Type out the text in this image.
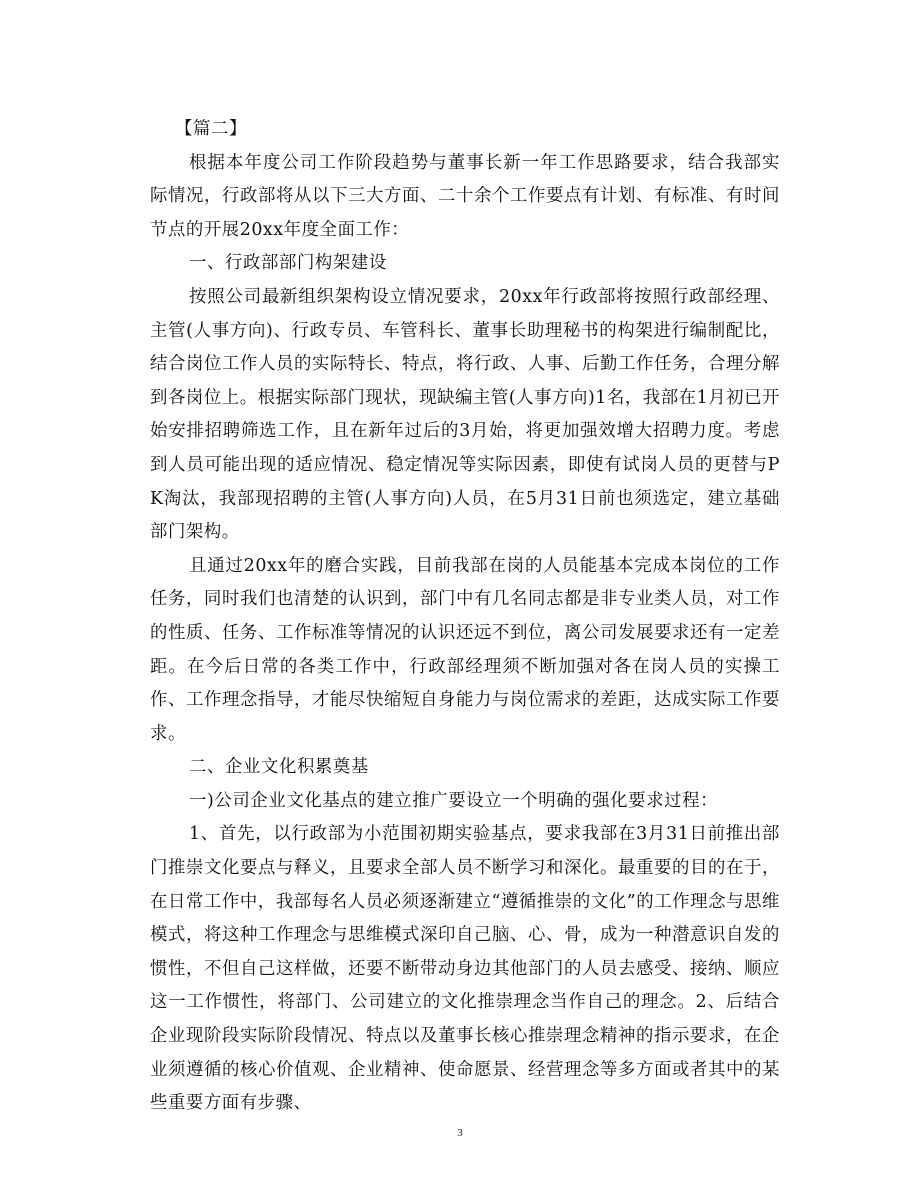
【篇二】

根据本年度公司工作阶段趋势与董事长新一年工作思路要求，结合我部实际情况，行政部将从以下三大方面、二十余个工作要点有计划、有标准、有时间节点的开展20xx年度全面工作：

一、行政部部门构架建设

按照公司最新组织架构设立情况要求，20xx年行政部将按照行政部经理、主管(人事方向)、行政专员、车管科长、董事长助理秘书的构架进行编制配比，结合岗位工作人员的实际特长、特点，将行政、人事、后勤工作任务，合理分解到各岗位上。根据实际部门现状，现缺编主管(人事方向)1名，我部在1月初已开始安排招聘筛选工作，且在新年过后的3月始，将更加强效增大招聘力度。考虑到人员可能出现的适应情况、稳定情况等实际因素，即使有试岗人员的更替与PK淘汰，我部现招聘的主管(人事方向)人员，在5月31日前也须选定，建立基础部门架构。

且通过20xx年的磨合实践，目前我部在岗的人员能基本完成本岗位的工作任务，同时我们也清楚的认识到，部门中有几名同志都是非专业类人员，对工作的性质、任务、工作标准等情况的认识还远不到位，离公司发展要求还有一定差距。在今后日常的各类工作中，行政部经理须不断加强对各在岗人员的实操工作、工作理念指导，才能尽快缩短自身能力与岗位需求的差距，达成实际工作要求。

二、企业文化积累奠基

一)公司企业文化基点的建立推广要设立一个明确的强化要求过程：

1、首先，以行政部为小范围初期实验基点，要求我部在3月31日前推出部门推崇文化要点与释义，且要求全部人员不断学习和深化。最重要的目的在于，在日常工作中，我部每名人员必须逐渐建立“遵循推崇的文化”的工作理念与思维模式，将这种工作理念与思维模式深印自己脑、心、骨，成为一种潜意识自发的惯性，不但自己这样做，还要不断带动身边其他部门的人员去感受、接纳、顺应这一工作惯性，将部门、公司建立的文化推崇理念当作自己的理念。2、后结合企业现阶段实际阶段情况、特点以及董事长核心推崇理念精神的指示要求，在企业须遵循的核心价值观、企业精神、使命愿景、经营理念等多方面或者其中的某些重要方面有步骤、

3
